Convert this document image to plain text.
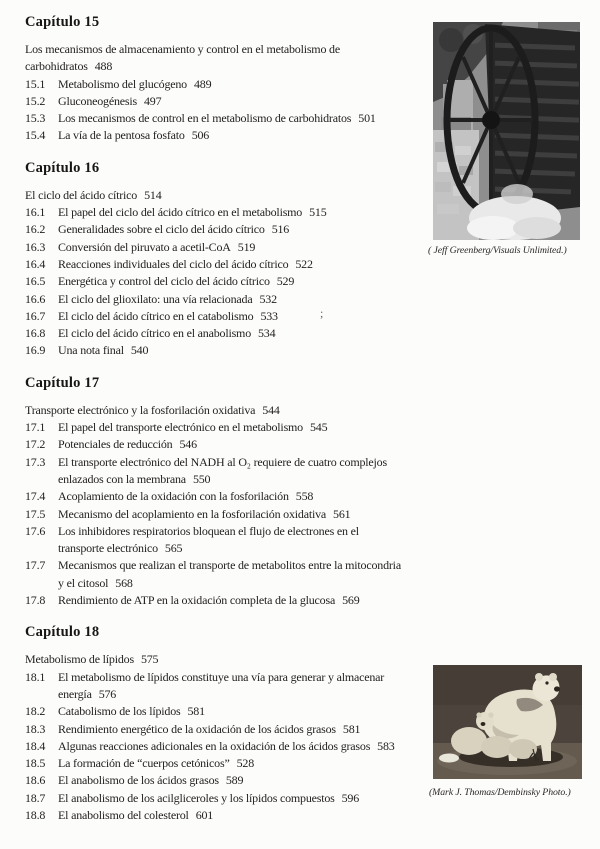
Capítulo 15
Los mecanismos de almacenamiento y control en el metabolismo de
carbohidratos 488
15.1	Metabolismo del glucógeno 489
15.2	Gluconeogénesis 497
15.3	Los mecanismos de control en el metabolismo de carbohidratos 501
15.4	La vía de la pentosa fosfato 506
Capítulo 16
El ciclo del ácido cítrico 514
16.1	El papel del ciclo del ácido cítrico en el metabolismo 515
16.2	Generalidades sobre el ciclo del ácido cítrico 516
16.3	Conversión del piruvato a acetil-CoA 519
16.4	Reacciones individuales del ciclo del ácido cítrico 522
16.5	Energética y control del ciclo del ácido cítrico 529
16.6	El ciclo del glioxilato: una vía relacionada 532
16.7	El ciclo del ácido cítrico en el catabolismo 533
16.8	El ciclo del ácido cítrico en el anabolismo 534
16.9	Una nota final 540
Capítulo 17
Transporte electrónico y la fosforilación oxidativa 544
17.1	El papel del transporte electrónico en el metabolismo 545
17.2	Potenciales de reducción 546
17.3	El transporte electrónico del NADH al O₂ requiere de cuatro complejos
enlazados con la membrana 550
17.4	Acoplamiento de la oxidación con la fosforilación 558
17.5	Mecanismo del acoplamiento en la fosforilación oxidativa 561
17.6	Los inhibidores respiratorios bloquean el flujo de electrones en el
transporte electrónico 565
17.7	Mecanismos que realizan el transporte de metabolitos entre la mitocondria
y el citosol 568
17.8	Rendimiento de ATP en la oxidación completa de la glucosa 569
Capítulo 18
Metabolismo de lípidos 575
18.1	El metabolismo de lípidos constituye una vía para generar y almacenar
energía 576
18.2	Catabolismo de los lípidos 581
18.3	Rendimiento energético de la oxidación de los ácidos grasos 581
18.4	Algunas reacciones adicionales en la oxidación de los ácidos grasos 583
18.5	La formación de “cuerpos cetónicos” 528
18.6	El anabolismo de los ácidos grasos 589
18.7	El anabolismo de los acilgliceroles y los lípidos compuestos 596
18.8	El anabolismo del colesterol 601
;
( Jeff Greenberg/Visuals Unlimited.)
(Mark J. Thomas/Dembinsky Photo.)
